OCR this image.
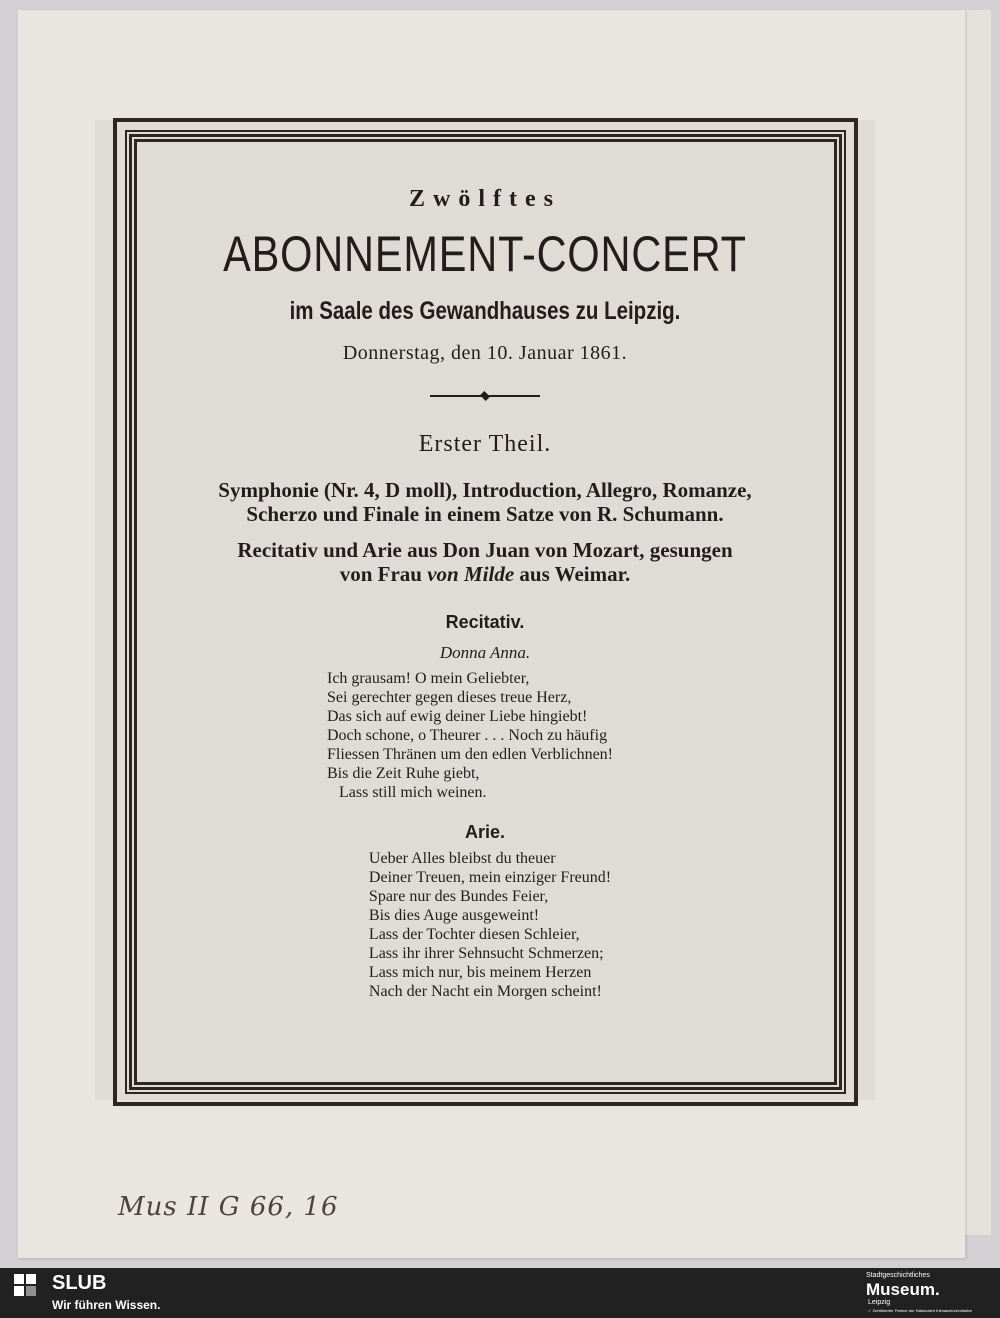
Zwölftes
ABONNEMENT-CONCERT
im Saale des Gewandhauses zu Leipzig.
Donnerstag, den 10. Januar 1861.
Erster Theil.
Symphonie (Nr. 4, D moll), Introduction, Allegro, Romanze,
Scherzo und Finale in einem Satze von R. Schumann.
Recitativ und Arie aus Don Juan von Mozart, gesungen
von Frau von Milde aus Weimar.
Recitativ.
Donna Anna.
Ich grausam! O mein Geliebter,
Sei gerechter gegen dieses treue Herz,
Das sich auf ewig deiner Liebe hingiebt!
Doch schone, o Theurer . . . Noch zu häufig
Fliessen Thränen um den edlen Verblichnen!
Bis die Zeit Ruhe giebt,
Lass still mich weinen.
Arie.
Ueber Alles bleibst du theuer
Deiner Treuen, mein einziger Freund!
Spare nur des Bundes Feier,
Bis dies Auge ausgeweint!
Lass der Tochter diesen Schleier,
Lass ihr ihrer Sehnsucht Schmerzen;
Lass mich nur, bis meinem Herzen
Nach der Nacht ein Morgen scheint!
Mus II G 66, 16
SLUB
Wir führen Wissen.
Stadtgeschichtliches
Museum.
Leipzig
✓ Zertifizierter Partner der Nationalen Klimaschutzinitiative
